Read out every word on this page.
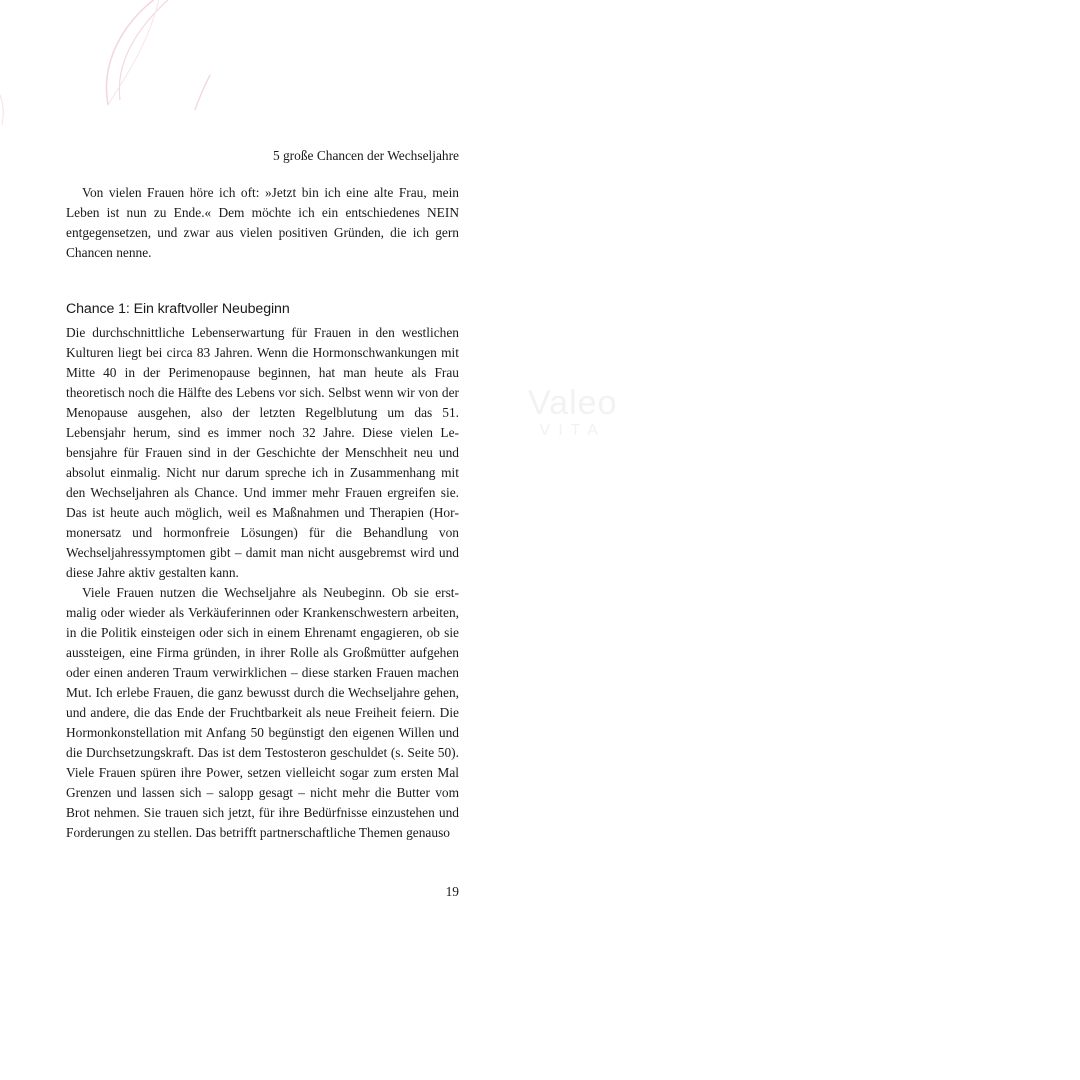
Valeo
VITA
5 große Chancen der Wechseljahre

Von vielen Frauen höre ich oft: »Jetzt bin ich eine alte Frau, mein Leben ist nun zu Ende.« Dem möchte ich ein entschiedenes NEIN entgegensetzen, und zwar aus vielen positiven Gründen, die ich gern Chancen nenne.

Chance 1: Ein kraftvoller Neubeginn

Die durchschnittliche Lebenserwartung für Frauen in den westlichen Kulturen liegt bei circa 83 Jahren. Wenn die Hormonschwankungen mit Mitte 40 in der Perimenopause beginnen, hat man heute als Frau theoretisch noch die Hälfte des Lebens vor sich. Selbst wenn wir von der Menopause ausgehen, also der letzten Regelblutung um das 51. Lebensjahr herum, sind es immer noch 32 Jahre. Diese vielen Lebensjahre für Frauen sind in der Geschichte der Menschheit neu und absolut einmalig. Nicht nur darum spreche ich in Zusammenhang mit den Wechseljahren als Chance. Und immer mehr Frauen ergreifen sie. Das ist heute auch möglich, weil es Maßnahmen und Therapien (Hormonersatz und hormonfreie Lösungen) für die Behandlung von Wechseljahressymptomen gibt – damit man nicht ausgebremst wird und diese Jahre aktiv gestalten kann.

Viele Frauen nutzen die Wechseljahre als Neubeginn. Ob sie erstmalig oder wieder als Verkäuferinnen oder Krankenschwestern arbeiten, in die Politik einsteigen oder sich in einem Ehrenamt engagieren, ob sie aussteigen, eine Firma gründen, in ihrer Rolle als Großmütter aufgehen oder einen anderen Traum verwirklichen – diese starken Frauen machen Mut. Ich erlebe Frauen, die ganz bewusst durch die Wechseljahre gehen, und andere, die das Ende der Fruchtbarkeit als neue Freiheit feiern. Die Hormonkonstellation mit Anfang 50 begünstigt den eigenen Willen und die Durchsetzungskraft. Das ist dem Testosteron geschuldet (s. Seite 50). Viele Frauen spüren ihre Power, setzen vielleicht sogar zum ersten Mal Grenzen und lassen sich – salopp gesagt – nicht mehr die Butter vom Brot nehmen. Sie trauen sich jetzt, für ihre Bedürfnisse einzustehen und Forderungen zu stellen. Das betrifft partnerschaftliche Themen genauso

19
